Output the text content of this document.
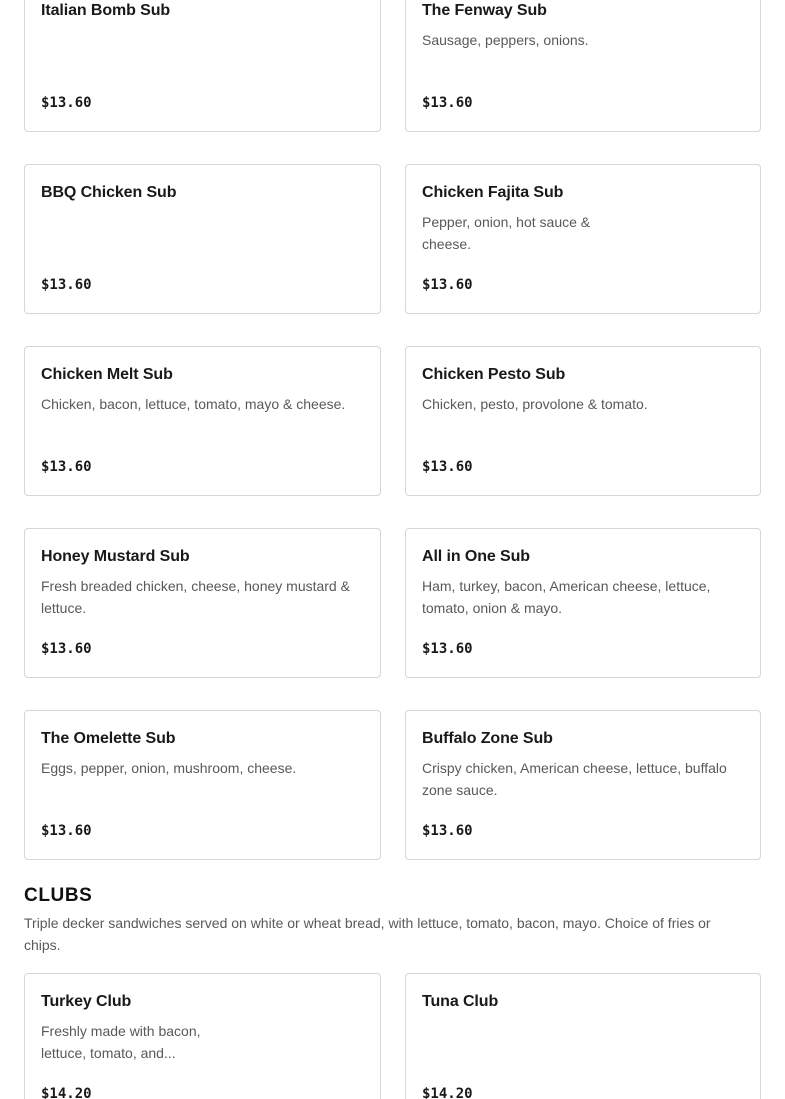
Italian Bomb Sub
$13.60
The Fenway Sub
Sausage, peppers, onions.
$13.60
BBQ Chicken Sub
$13.60
Chicken Fajita Sub
Pepper, onion, hot sauce & cheese.
$13.60
Chicken Melt Sub
Chicken, bacon, lettuce, tomato, mayo & cheese.
$13.60
Chicken Pesto Sub
Chicken, pesto, provolone & tomato.
$13.60
Honey Mustard Sub
Fresh breaded chicken, cheese, honey mustard & lettuce.
$13.60
All in One Sub
Ham, turkey, bacon, American cheese, lettuce, tomato, onion & mayo.
$13.60
The Omelette Sub
Eggs, pepper, onion, mushroom, cheese.
$13.60
Buffalo Zone Sub
Crispy chicken, American cheese, lettuce, buffalo zone sauce.
$13.60
CLUBS

Triple decker sandwiches served on white or wheat bread, with lettuce, tomato, bacon, mayo. Choice of fries or chips.

Turkey Club
Freshly made with bacon, lettuce, tomato, and...
$14.20
Tuna Club
$14.20
